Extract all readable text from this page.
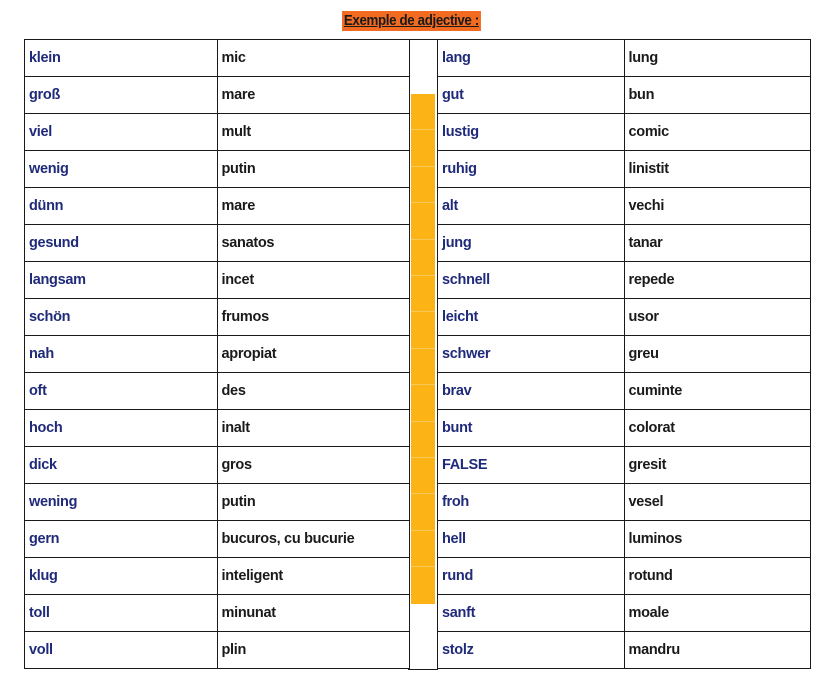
Exemple de adjective :
klein	mic
groß	mare
viel	mult
wenig	putin
dünn	mare
gesund	sanatos
langsam	incet
schön	frumos
nah	apropiat
oft	des
hoch	inalt
dick	gros
wening	putin
gern	bucuros, cu bucurie
klug	inteligent
toll	minunat
voll	plin
lang	lung
gut	bun
lustig	comic
ruhig	linistit
alt	vechi
jung	tanar
schnell	repede
leicht	usor
schwer	greu
brav	cuminte
bunt	colorat
FALSE	gresit
froh	vesel
hell	luminos
rund	rotund
sanft	moale
stolz	mandru
